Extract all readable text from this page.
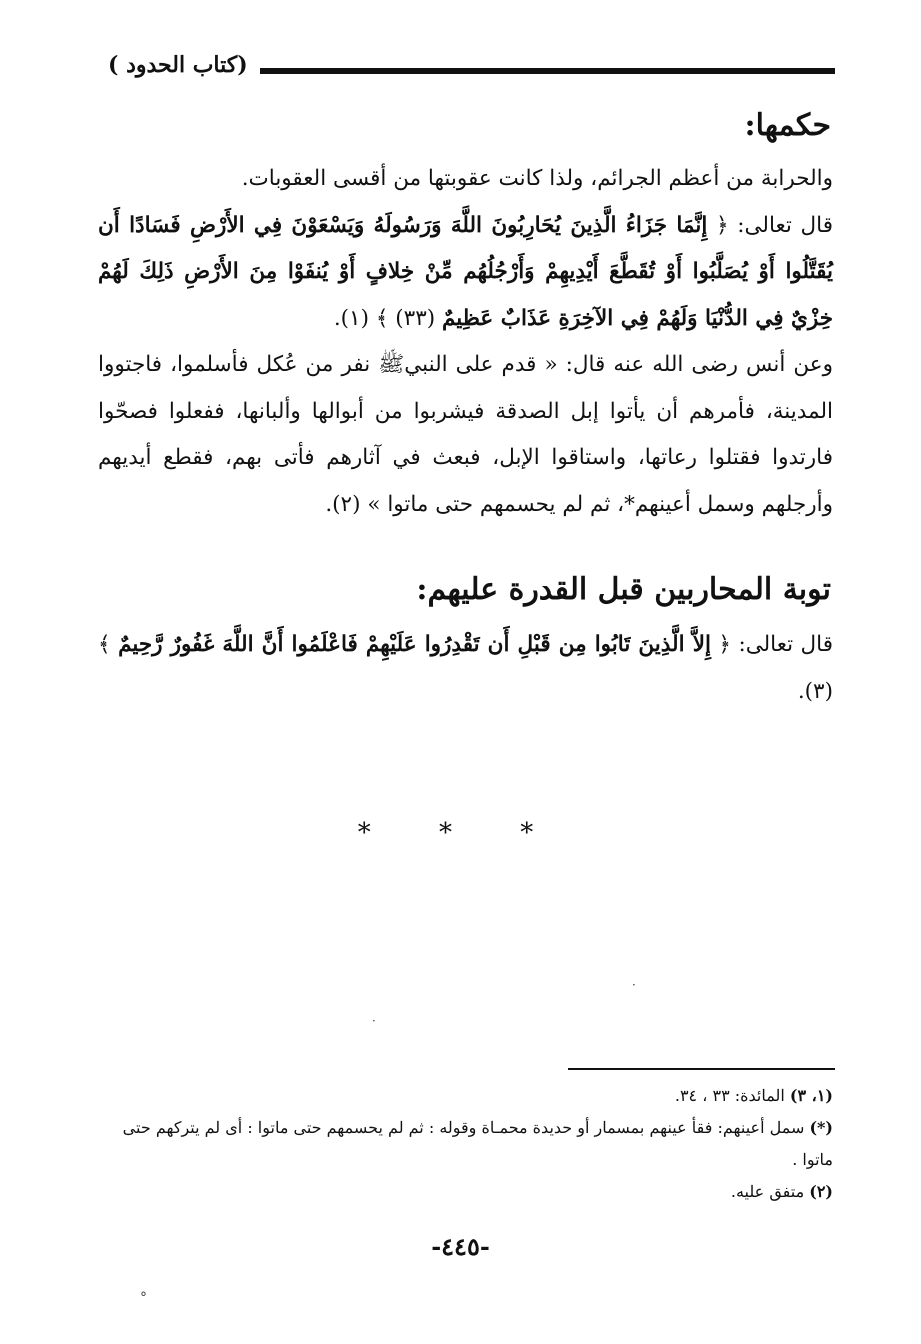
(كتاب الحدود )
حكمها:

والحرابة من أعظم الجرائم، ولذا كانت عقوبتها من أقسى العقوبات.

قال تعالى: ﴿ إِنَّمَا جَزَاءُ الَّذِينَ يُحَارِبُونَ اللَّهَ وَرَسُولَهُ وَيَسْعَوْنَ فِي الأَرْضِ فَسَادًا أَن يُقَتَّلُوا أَوْ يُصَلَّبُوا أَوْ تُقَطَّعَ أَيْدِيهِمْ وَأَرْجُلُهُم مِّنْ خِلافٍ أَوْ يُنفَوْا مِنَ الأَرْضِ ذَلِكَ لَهُمْ خِزْيٌ فِي الدُّنْيَا وَلَهُمْ فِي الآخِرَةِ عَذَابٌ عَظِيمٌ (٣٣) ﴾ (١).

وعن أنس رضى الله عنه قال: « قدم على النبيﷺ نفر من عُكل فأسلموا، فاجتووا المدينة، فأمرهم أن يأتوا إبل الصدقة فيشربوا من أبوالها وألبانها، ففعلوا فصحّوا فارتدوا فقتلوا رعاتها، واستاقوا الإبل، فبعث في آثارهم فأتى بهم، فقطع أيديهم وأرجلهم وسمل أعينهم*، ثم لم يحسمهم حتى ماتوا » (٢).

توبة المحاربين قبل القدرة عليهم:

قال تعالى: ﴿ إِلاَّ الَّذِينَ تَابُوا مِن قَبْلِ أَن تَقْدِرُوا عَلَيْهِمْ فَاعْلَمُوا أَنَّ اللَّهَ غَفُورٌ رَّحِيمٌ ﴾ (٣).

* * *
·
·
(١، ٣) المائدة: ٣٣ ، ٣٤.
(*) سمل أعينهم: فقأ عينهم بمسمار أو حديدة محمـاة وقوله : ثم لم يحسمهم حتى ماتوا : أى لم يتركهم حتى ماتوا .
(٢) متفق عليه.
-٤٤٥-
°
